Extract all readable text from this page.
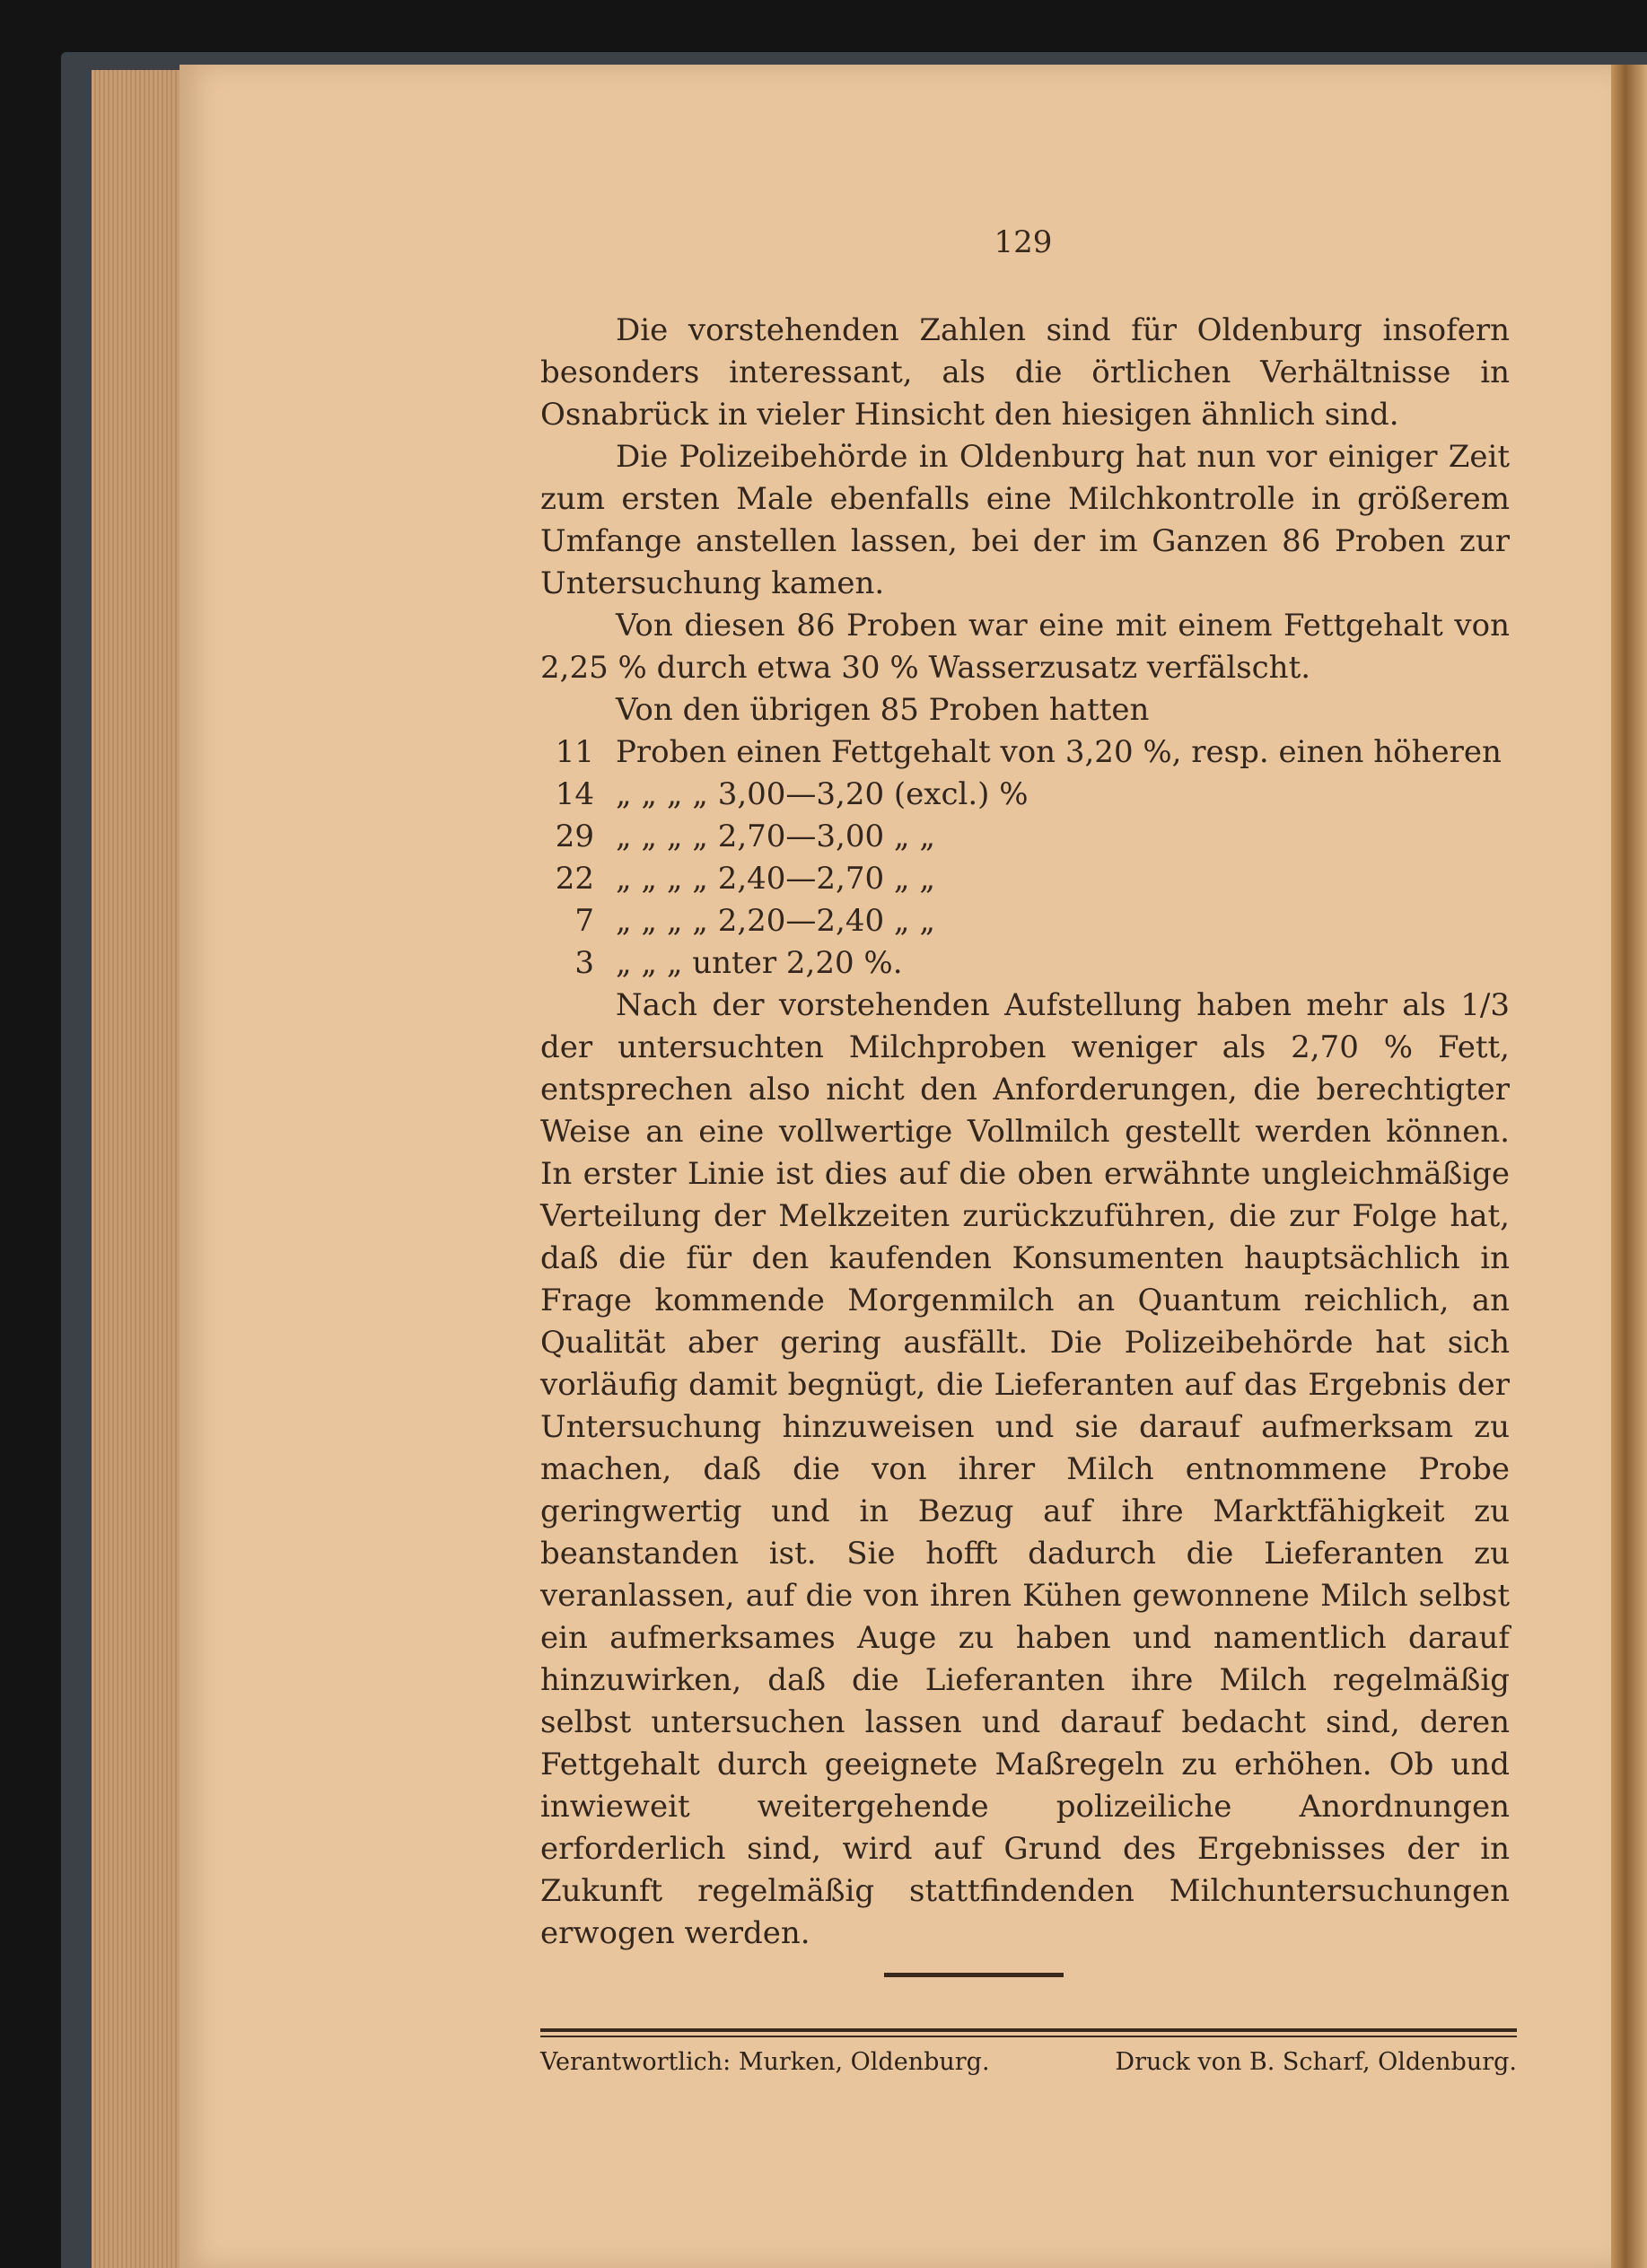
129

Die vorstehenden Zahlen sind für Oldenburg insofern besonders interessant, als die örtlichen Verhältnisse in Osnabrück in vieler Hinsicht den hiesigen ähnlich sind.

Die Polizeibehörde in Oldenburg hat nun vor einiger Zeit zum ersten Male ebenfalls eine Milchkontrolle in größerem Umfange anstellen lassen, bei der im Ganzen 86 Proben zur Untersuchung kamen.

Von diesen 86 Proben war eine mit einem Fettgehalt von 2,25 % durch etwa 30 % Wasserzusatz verfälscht.

Von den übrigen 85 Proben hatten

11 Proben einen Fettgehalt von 3,20 %, resp. einen höheren
14 „ „ „ „ 3,00—3,20 (excl.) %
29 „ „ „ „ 2,70—3,00 „ „
22 „ „ „ „ 2,40—2,70 „ „
7 „ „ „ „ 2,20—2,40 „ „
3 „ „ „ unter 2,20 %.

Nach der vorstehenden Aufstellung haben mehr als 1/3 der untersuchten Milchproben weniger als 2,70 % Fett, entsprechen also nicht den Anforderungen, die berechtigter Weise an eine vollwertige Vollmilch gestellt werden können. In erster Linie ist dies auf die oben erwähnte ungleichmäßige Verteilung der Melkzeiten zurückzuführen, die zur Folge hat, daß die für den kaufenden Konsumenten hauptsächlich in Frage kommende Morgenmilch an Quantum reichlich, an Qualität aber gering ausfällt. Die Polizeibehörde hat sich vorläufig damit begnügt, die Lieferanten auf das Ergebnis der Untersuchung hinzuweisen und sie darauf aufmerksam zu machen, daß die von ihrer Milch entnommene Probe geringwertig und in Bezug auf ihre Marktfähigkeit zu beanstanden ist. Sie hofft dadurch die Lieferanten zu veranlassen, auf die von ihren Kühen gewonnene Milch selbst ein aufmerksames Auge zu haben und namentlich darauf hinzuwirken, daß die Lieferanten ihre Milch regelmäßig selbst untersuchen lassen und darauf bedacht sind, deren Fettgehalt durch geeignete Maßregeln zu erhöhen. Ob und inwieweit weitergehende polizeiliche Anordnungen erforderlich sind, wird auf Grund des Ergebnisses der in Zukunft regelmäßig stattfindenden Milchuntersuchungen erwogen werden.

Verantwortlich: Murken, Oldenburg.	Druck von B. Scharf, Oldenburg.
